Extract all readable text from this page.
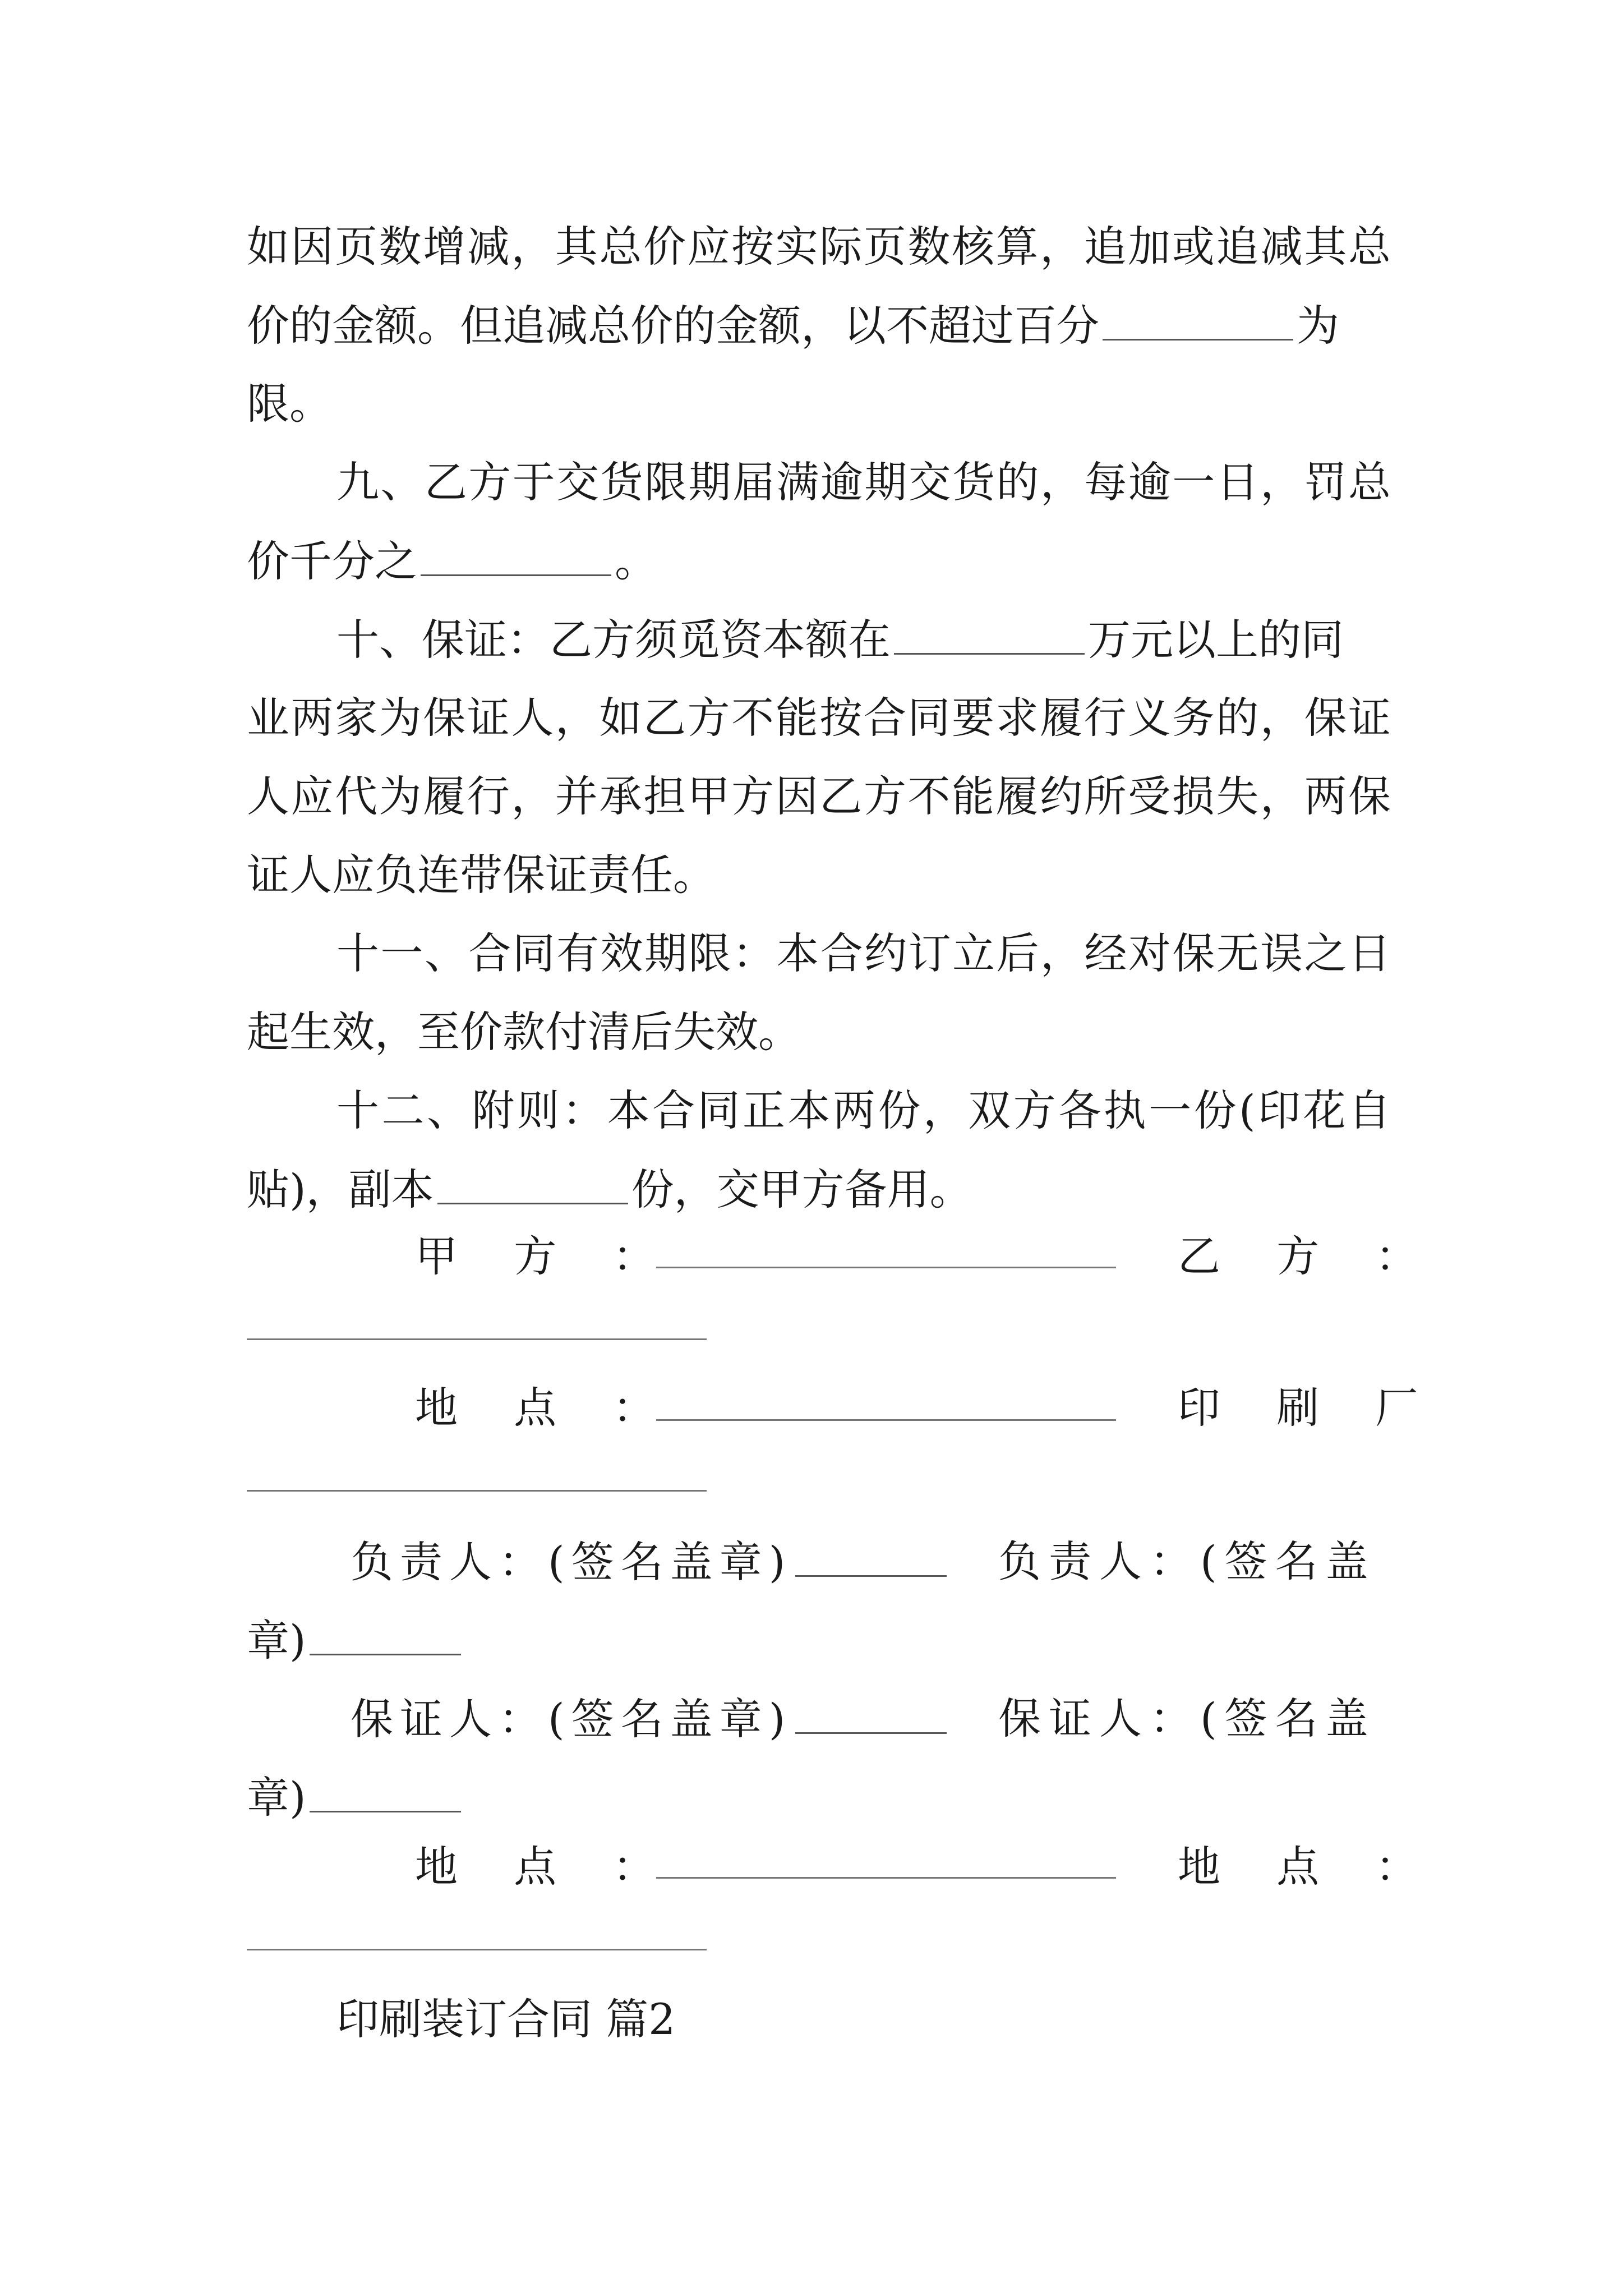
如因页数增减，其总价应按实际页数核算，追加或追减其总
价的金额。但追减总价的金额，以不超过百分	为
限。
九、乙方于交货限期届满逾期交货的，每逾一日，罚总
价千分之	。
十、保证：乙方须觅资本额在	万元以上的同
业两家为保证人，如乙方不能按合同要求履行义务的，保证
人应代为履行，并承担甲方因乙方不能履约所受损失，两保
证人应负连带保证责任。
十一、合同有效期限：本合约订立后，经对保无误之日
起生效，至价款付清后失效。
十二、附则：本合同正本两份，双方各执一份(印花自
贴)，副本	份，交甲方备用。
甲 方 ：	乙 方 ：
地 点 ：	印 刷 厂
负责人：(签名盖章)	负责人：(签名盖
章)
保证人：(签名盖章)	保证人：(签名盖
章)
地 点 ：	地 点 ：
印刷装订合同 篇2
